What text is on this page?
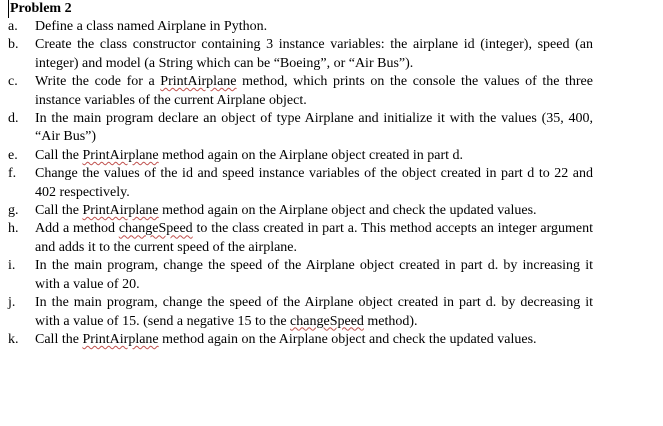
Problem 2
a.	Define a class named Airplane in Python.
b.	Create the class constructor containing 3 instance variables: the airplane id (integer), speed (an integer) and model (a String which can be “Boeing”, or “Air Bus”).
c.	Write the code for a PrintAirplane method, which prints on the console the values of the three instance variables of the current Airplane object.
d.	In the main program declare an object of type Airplane and initialize it with the values (35, 400, “Air Bus”)
e.	Call the PrintAirplane method again on the Airplane object created in part d.
f.	Change the values of the id and speed instance variables of the object created in part d to 22 and 402 respectively.
g.	Call the PrintAirplane method again on the Airplane object and check the updated values.
h.	Add a method changeSpeed to the class created in part a. This method accepts an integer argument and adds it to the current speed of the airplane.
i.	In the main program, change the speed of the Airplane object created in part d. by increasing it with a value of 20.
j.	In the main program, change the speed of the Airplane object created in part d. by decreasing it with a value of 15. (send a negative 15 to the changeSpeed method).
k.	Call the PrintAirplane method again on the Airplane object and check the updated values.
